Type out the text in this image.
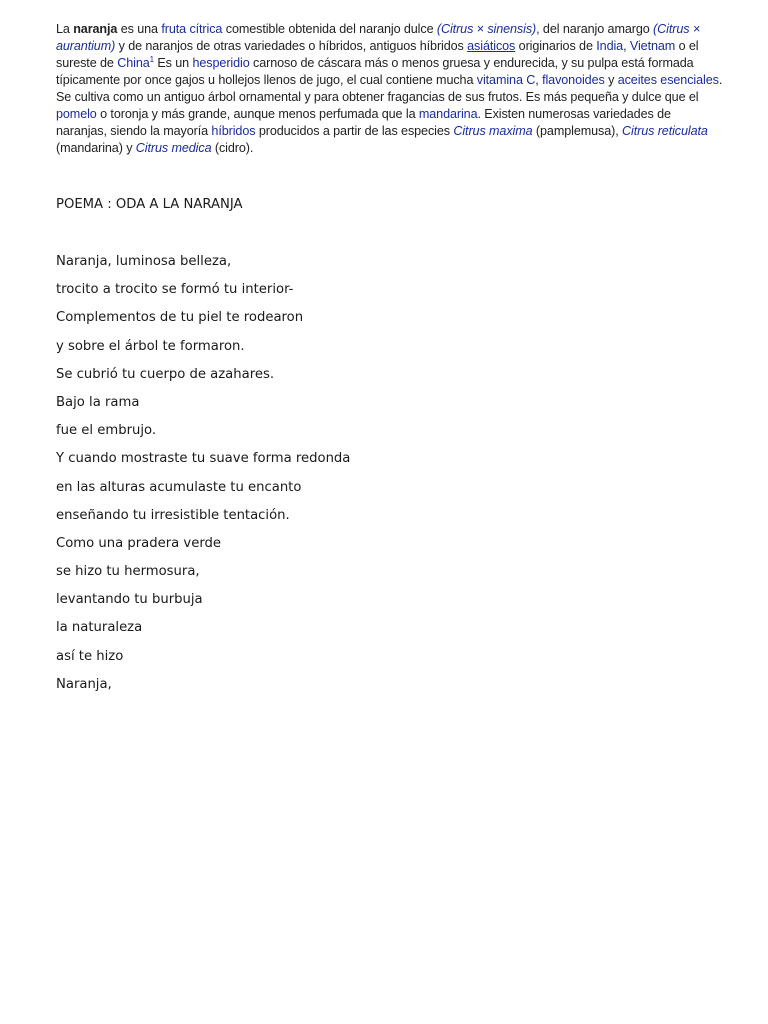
La naranja es una fruta cítrica comestible obtenida del naranjo dulce (Citrus × sinensis), del naranjo amargo (Citrus × aurantium) y de naranjos de otras variedades o híbridos, antiguos híbridos asiáticos originarios de India, Vietnam o el sureste de China$^1$ Es un hesperidio carnoso de cáscara más o menos gruesa y endurecida, y su pulpa está formada típicamente por once gajos u hollejos llenos de jugo, el cual contiene mucha vitamina C, flavonoides y aceites esenciales. Se cultiva como un antiguo árbol ornamental y para obtener fragancias de sus frutos. Es más pequeña y dulce que el pomelo o toronja y más grande, aunque menos perfumada que la mandarina. Existen numerosas variedades de naranjas, siendo la mayoría híbridos producidos a partir de las especies Citrus maxima (pamplemusa), Citrus reticulata (mandarina) y Citrus medica (cidro).

POEMA : ODA A LA NARANJA

Naranja, luminosa belleza,
trocito a trocito se formó tu interior-
Complementos de tu piel te rodearon
y sobre el árbol te formaron.
Se cubrió tu cuerpo de azahares.
Bajo la rama
fue el embrujo.
Y cuando mostraste tu suave forma redonda
en las alturas acumulaste tu encanto
enseñando tu irresistible tentación.
Como una pradera verde
se hizo tu hermosura,
levantando tu burbuja
la naturaleza
así te hizo
Naranja,
